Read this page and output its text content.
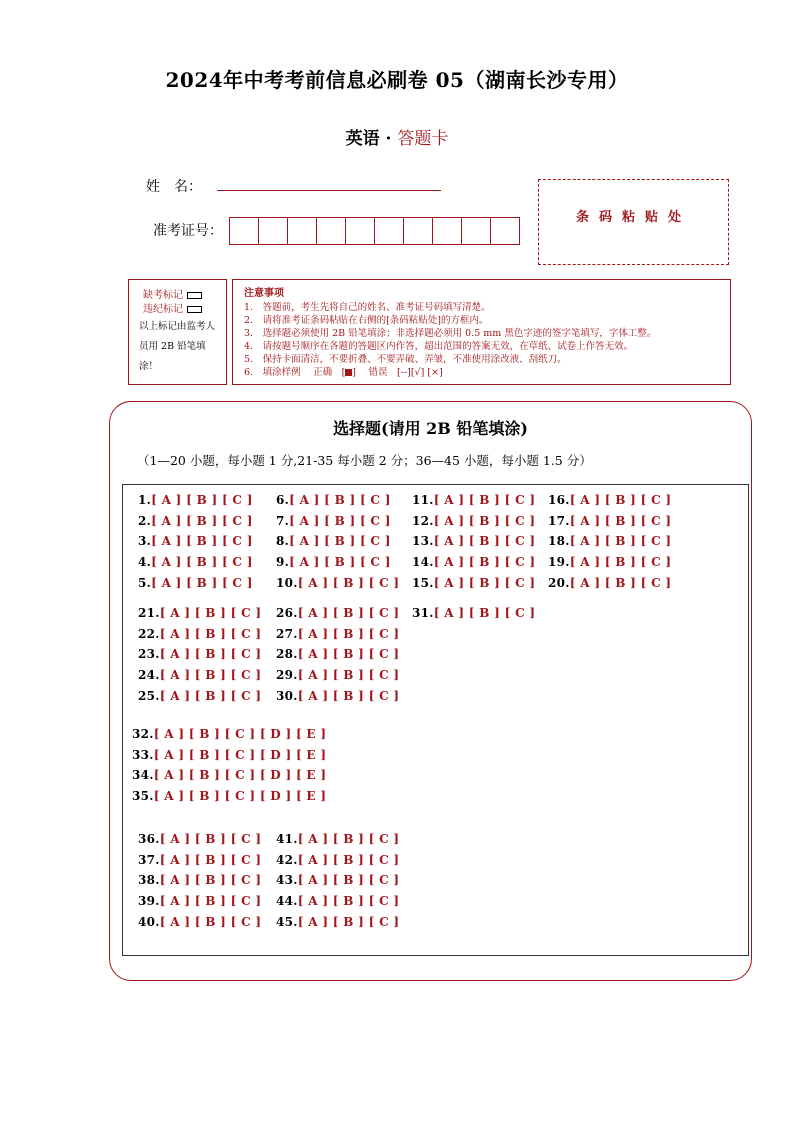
2024年中考考前信息必刷卷 05（湖南长沙专用）
英语 · 答题卡
姓　名：
准考证号：
条码粘贴处
缺考标记
违纪标记
以上标记由监考人员用 2B 铅笔填涂！
注意事项
1.　答题前，考生先将自己的姓名、准考证号码填写清楚。
2.　请将准考证条码粘贴在右侧的[条码粘贴处]的方框内。
3.　选择题必须使用 2B 铅笔填涂；非选择题必须用 0.5 mm 黑色字迹的签字笔填写，字体工整。
4.　请按题号顺序在各题的答题区内作答，超出范围的答案无效，在草纸、试卷上作答无效。
5.　保持卡面清洁，不要折叠、不要弄破、弄皱，不准使用涂改液、刮纸刀。
6.　填涂样例　 正确　[ ]　 错误　[--][√] [×]
选择题(请用 2B 铅笔填涂)
（1—20 小题，每小题 1 分,21-35 每小题 2 分；36—45 小题，每小题 1.5 分）
1.[ A ] [ B ] [ C ]
2.[ A ] [ B ] [ C ]
3.[ A ] [ B ] [ C ]
4.[ A ] [ B ] [ C ]
5.[ A ] [ B ] [ C ]
6.[ A ] [ B ] [ C ]
7.[ A ] [ B ] [ C ]
8.[ A ] [ B ] [ C ]
9.[ A ] [ B ] [ C ]
10.[ A ] [ B ] [ C ]
11.[ A ] [ B ] [ C ]
12.[ A ] [ B ] [ C ]
13.[ A ] [ B ] [ C ]
14.[ A ] [ B ] [ C ]
15.[ A ] [ B ] [ C ]
16.[ A ] [ B ] [ C ]
17.[ A ] [ B ] [ C ]
18.[ A ] [ B ] [ C ]
19.[ A ] [ B ] [ C ]
20.[ A ] [ B ] [ C ]
21.[ A ] [ B ] [ C ]
22.[ A ] [ B ] [ C ]
23.[ A ] [ B ] [ C ]
24.[ A ] [ B ] [ C ]
25.[ A ] [ B ] [ C ]
26.[ A ] [ B ] [ C ]
27.[ A ] [ B ] [ C ]
28.[ A ] [ B ] [ C ]
29.[ A ] [ B ] [ C ]
30.[ A ] [ B ] [ C ]
31.[ A ] [ B ] [ C ]
32.[ A ] [ B ] [ C ] [ D ] [ E ]
33.[ A ] [ B ] [ C ] [ D ] [ E ]
34.[ A ] [ B ] [ C ] [ D ] [ E ]
35.[ A ] [ B ] [ C ] [ D ] [ E ]
36.[ A ] [ B ] [ C ]
37.[ A ] [ B ] [ C ]
38.[ A ] [ B ] [ C ]
39.[ A ] [ B ] [ C ]
40.[ A ] [ B ] [ C ]
41.[ A ] [ B ] [ C ]
42.[ A ] [ B ] [ C ]
43.[ A ] [ B ] [ C ]
44.[ A ] [ B ] [ C ]
45.[ A ] [ B ] [ C ]
